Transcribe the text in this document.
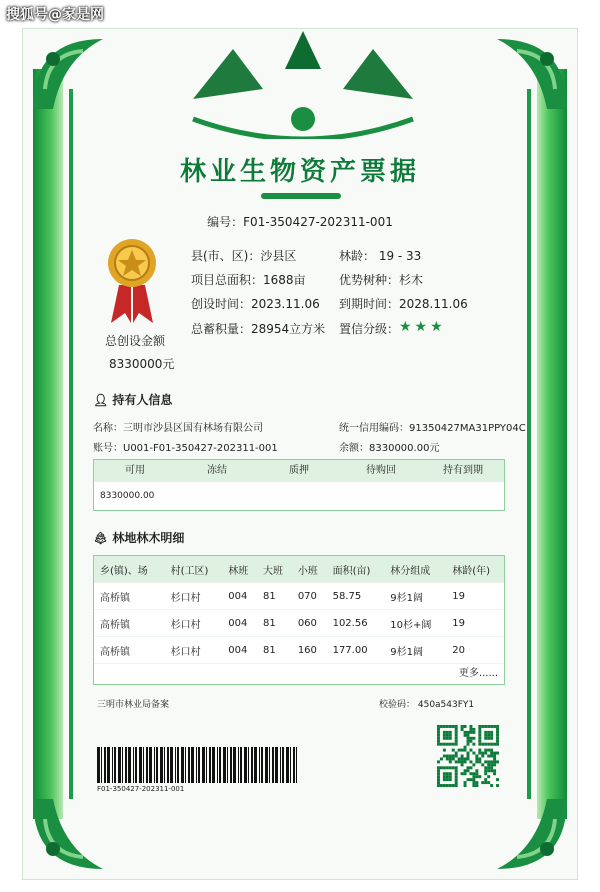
搜狐号@家是网
林业生物资产票据
编号：F01-350427-202311-001
总创设金额
8330000元
县(市、区)：沙县区	林龄： 19 - 33
项目总面积：1688亩	优势树种：杉木
创设时间：2023.11.06 到期时间：2028.11.06
总蓄积量：28954立方米 置信分级： ★★★
👤︎ 持有人信息
名称：三明市沙县区国有林场有限公司	统一信用编码：91350427MA31PPY04C
账号：U001-F01-350427-202311-001	余额：8330000.00元
可用	冻结	质押	待购回	持有到期
8330000.00
🌲︎ 林地林木明细
乡(镇)、场	村(工区)	林班	大班	小班	面积(亩)	林分组成	林龄(年)
高桥镇	杉口村	004	81	070	58.75	9杉1阔	19
高桥镇	杉口村	004	81	060	102.56	10杉+阔	19
高桥镇	杉口村	004	81	160	177.00	9杉1阔	20
更多......
三明市林业局备案	校验码： 450a543FY1
F01-350427-202311-001
